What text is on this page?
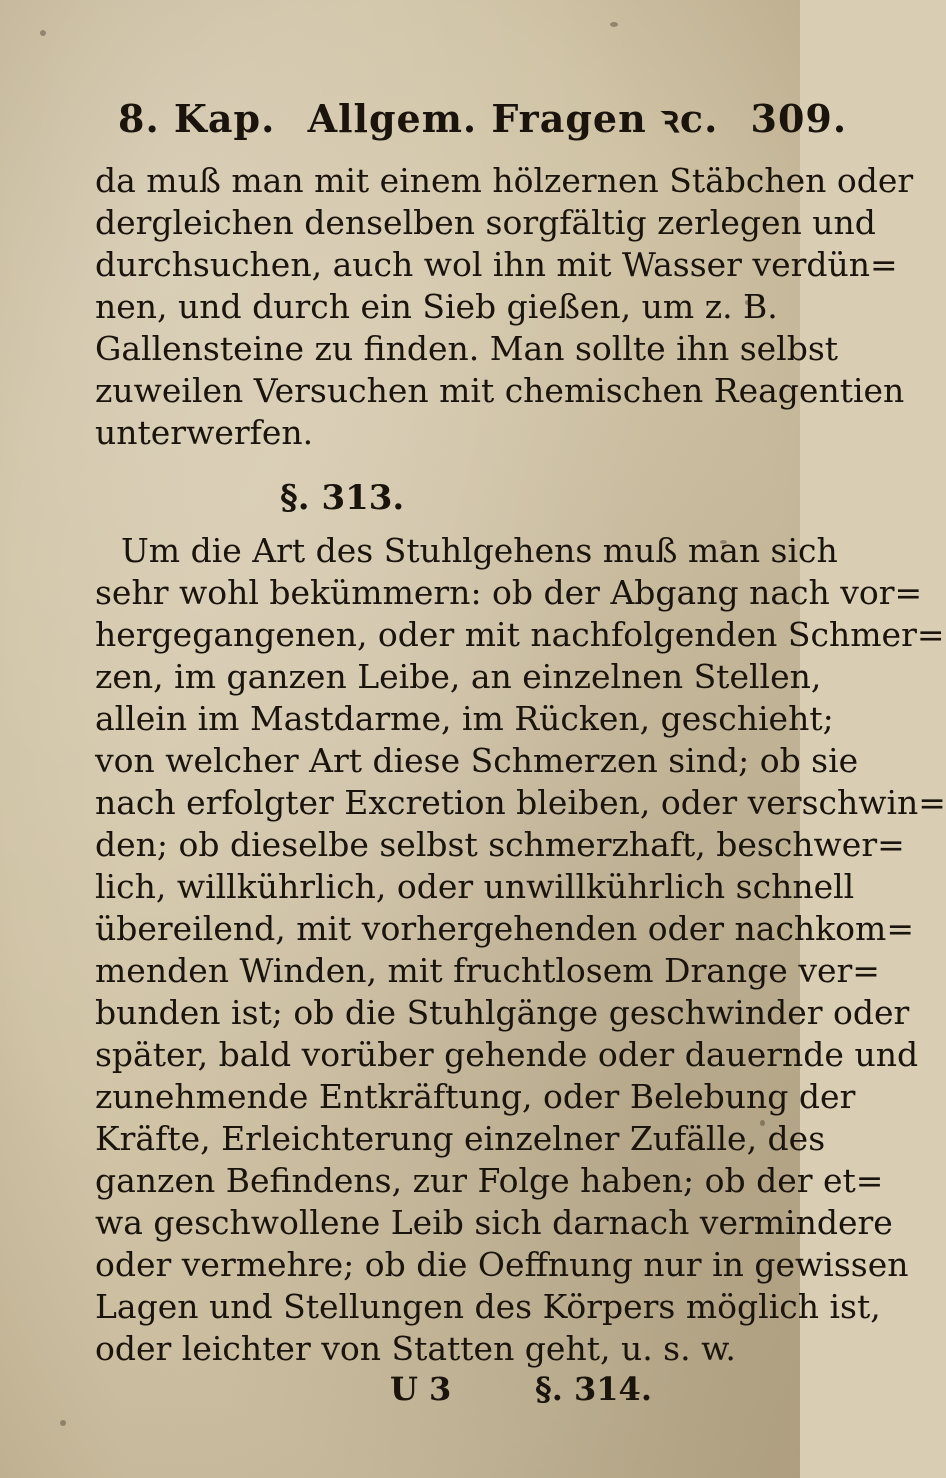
8. Kap. Allgem. Fragen ꝛc. 309.
da muß man mit einem hölzernen Stäbchen oder
dergleichen denselben sorgfältig zerlegen und
durchsuchen, auch wol ihn mit Wasser verdün=
nen, und durch ein Sieb gießen, um z. B.
Gallensteine zu finden. Man sollte ihn selbst
zuweilen Versuchen mit chemischen Reagentien
unterwerfen.
§. 313.
Um die Art des Stuhlgehens muß man sich
sehr wohl bekümmern: ob der Abgang nach vor=
hergegangenen, oder mit nachfolgenden Schmer=
zen, im ganzen Leibe, an einzelnen Stellen,
allein im Mastdarme, im Rücken, geschieht;
von welcher Art diese Schmerzen sind; ob sie
nach erfolgter Excretion bleiben, oder verschwin=
den; ob dieselbe selbst schmerzhaft, beschwer=
lich, willkührlich, oder unwillkührlich schnell
übereilend, mit vorhergehenden oder nachkom=
menden Winden, mit fruchtlosem Drange ver=
bunden ist; ob die Stuhlgänge geschwinder oder
später, bald vorüber gehende oder dauernde und
zunehmende Entkräftung, oder Belebung der
Kräfte, Erleichterung einzelner Zufälle, des
ganzen Befindens, zur Folge haben; ob der et=
wa geschwollene Leib sich darnach vermindere
oder vermehre; ob die Oeffnung nur in gewissen
Lagen und Stellungen des Körpers möglich ist,
oder leichter von Statten geht, u. s. w.
U 3	§. 314.
